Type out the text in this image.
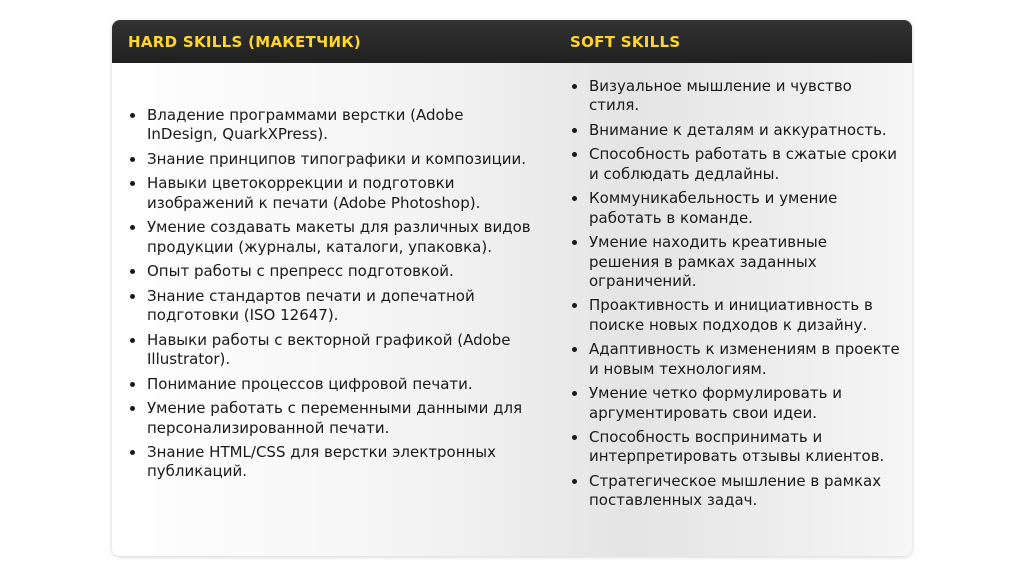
HARD SKILLS (МАКЕТЧИК)	SOFT SKILLS
Владение программами верстки (Adobe InDesign, QuarkXPress).
Знание принципов типографики и композиции.
Навыки цветокоррекции и подготовки изображений к печати (Adobe Photoshop).
Умение создавать макеты для различных видов продукции (журналы, каталоги, упаковка).
Опыт работы с препресс подготовкой.
Знание стандартов печати и допечатной подготовки (ISO 12647).
Навыки работы с векторной графикой (Adobe Illustrator).
Понимание процессов цифровой печати.
Умение работать с переменными данными для персонализированной печати.
Знание HTML/CSS для верстки электронных публикаций.
Визуальное мышление и чувство стиля.
Внимание к деталям и аккуратность.
Способность работать в сжатые сроки и соблюдать дедлайны.
Коммуникабельность и умение работать в команде.
Умение находить креативные решения в рамках заданных ограничений.
Проактивность и инициативность в поиске новых подходов к дизайну.
Адаптивность к изменениям в проекте и новым технологиям.
Умение четко формулировать и аргументировать свои идеи.
Способность воспринимать и интерпретировать отзывы клиентов.
Стратегическое мышление в рамках поставленных задач.
